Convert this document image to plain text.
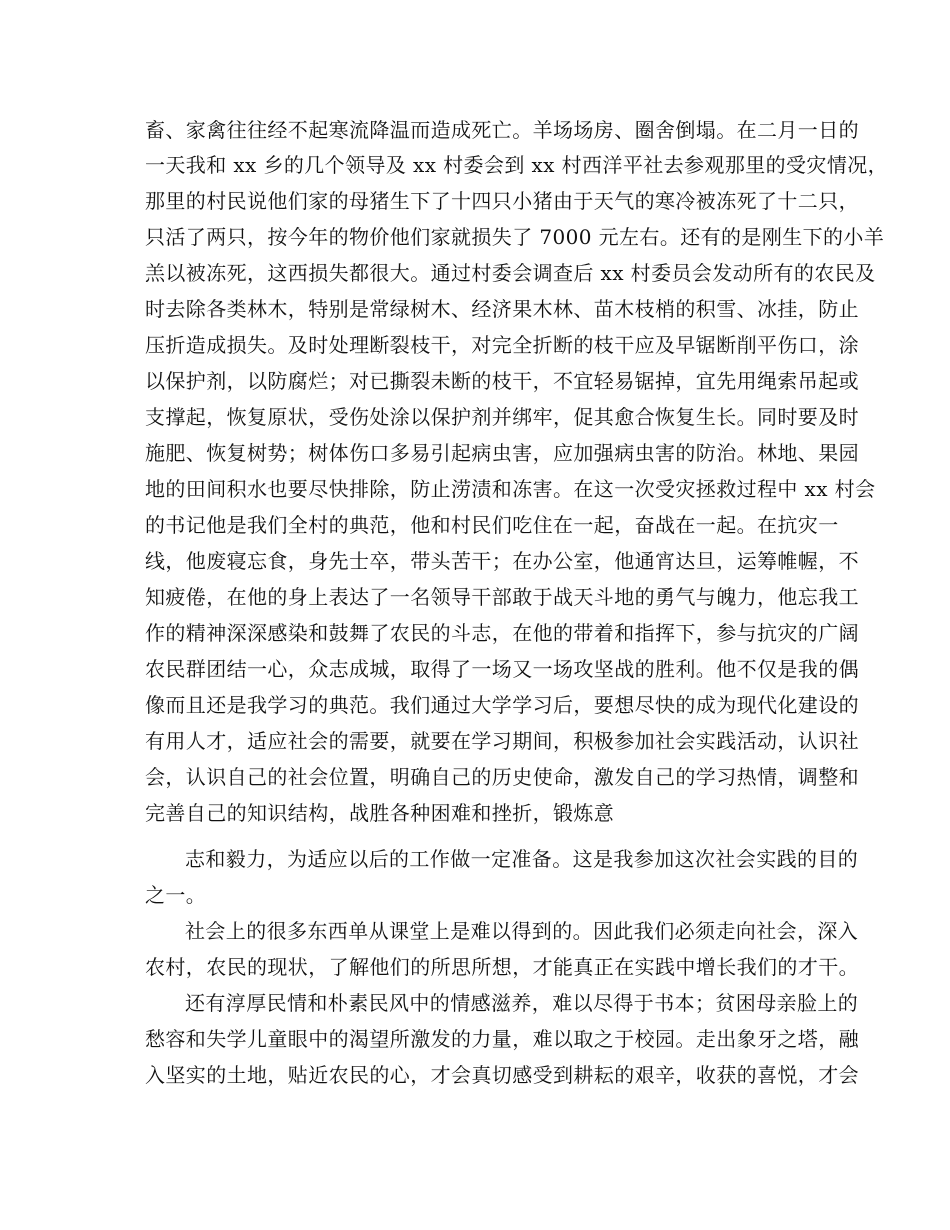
畜、家禽往往经不起寒流降温而造成死亡。羊场场房、圈舍倒塌。在二月一日的
一天我和 xx 乡的几个领导及 xx 村委会到 xx 村西洋平社去参观那里的受灾情况，
那里的村民说他们家的母猪生下了十四只小猪由于天气的寒冷被冻死了十二只，
只活了两只，按今年的物价他们家就损失了 7000 元左右。还有的是刚生下的小羊
羔以被冻死，这西损失都很大。通过村委会调查后 xx 村委员会发动所有的农民及
时去除各类林木，特别是常绿树木、经济果木林、苗木枝梢的积雪、冰挂，防止
压折造成损失。及时处理断裂枝干，对完全折断的枝干应及早锯断削平伤口，涂
以保护剂，以防腐烂；对已撕裂未断的枝干，不宜轻易锯掉，宜先用绳索吊起或
支撑起，恢复原状，受伤处涂以保护剂并绑牢，促其愈合恢复生长。同时要及时
施肥、恢复树势；树体伤口多易引起病虫害，应加强病虫害的防治。林地、果园
地的田间积水也要尽快排除，防止涝渍和冻害。在这一次受灾拯救过程中 xx 村会
的书记他是我们全村的典范，他和村民们吃住在一起，奋战在一起。在抗灾一
线，他废寝忘食，身先士卒，带头苦干；在办公室，他通宵达旦，运筹帷幄，不
知疲倦，在他的身上表达了一名领导干部敢于战天斗地的勇气与魄力，他忘我工
作的精神深深感染和鼓舞了农民的斗志，在他的带着和指挥下，参与抗灾的广阔
农民群团结一心，众志成城，取得了一场又一场攻坚战的胜利。他不仅是我的偶
像而且还是我学习的典范。我们通过大学学习后，要想尽快的成为现代化建设的
有用人才，适应社会的需要，就要在学习期间，积极参加社会实践活动，认识社
会，认识自己的社会位置，明确自己的历史使命，激发自己的学习热情，调整和
完善自己的知识结构，战胜各种困难和挫折，锻炼意
志和毅力，为适应以后的工作做一定准备。这是我参加这次社会实践的目的
之一。
社会上的很多东西单从课堂上是难以得到的。因此我们必须走向社会，深入
农村，农民的现状，了解他们的所思所想，才能真正在实践中增长我们的才干。
还有淳厚民情和朴素民风中的情感滋养，难以尽得于书本；贫困母亲脸上的
愁容和失学儿童眼中的渴望所激发的力量，难以取之于校园。走出象牙之塔，融
入坚实的土地，贴近农民的心，才会真切感受到耕耘的艰辛，收获的喜悦，才会
